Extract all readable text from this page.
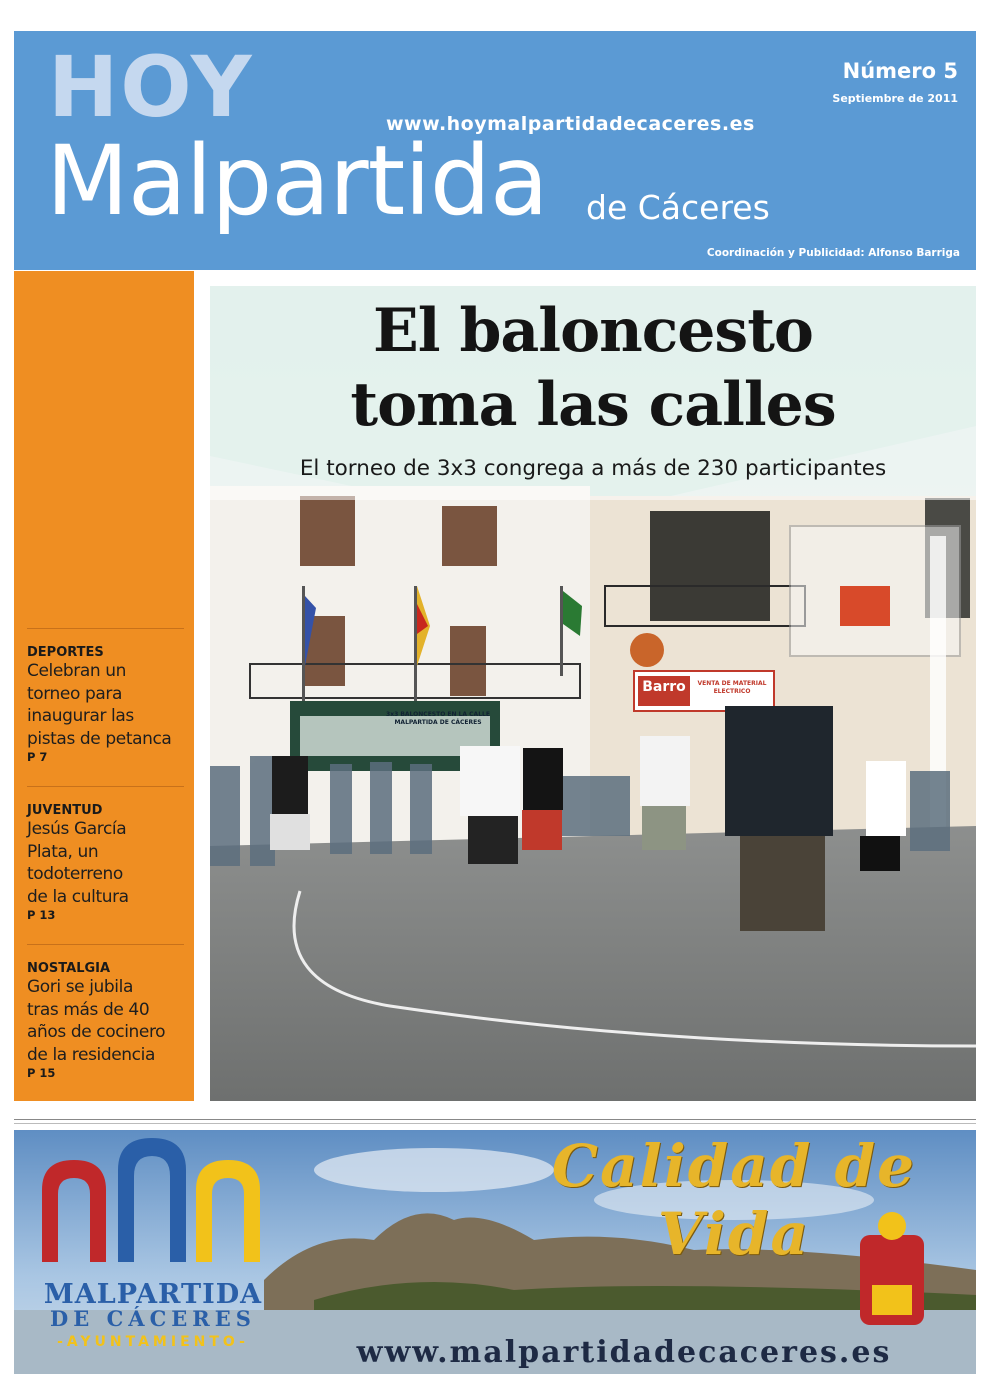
HOY
Malpartida de Cáceres
www.hoymalpartidadecaceres.es
Número 5
Septiembre de 2011
Coordinación y Publicidad: Alfonso Barriga
DEPORTES
Celebran un
torneo para
inaugurar las
pistas de petanca
P 7
JUVENTUD
Jesús García
Plata, un
todoterreno
de la cultura
P 13
NOSTALGIA
Gori se jubila
tras más de 40
años de cocinero
de la residencia
P 15
El baloncesto
toma las calles

El torneo de 3x3 congrega a más de 230 participantes

3x3 BALONCESTO EN LA CALLE
MALPARTIDA DE CÁCERES
Barro	VENTA DE MATERIAL ELECTRICO
MALPARTIDA
DE CÁCERES
-AYUNTAMIENTO-
Calidad de Vida
www.malpartidadecaceres.es
